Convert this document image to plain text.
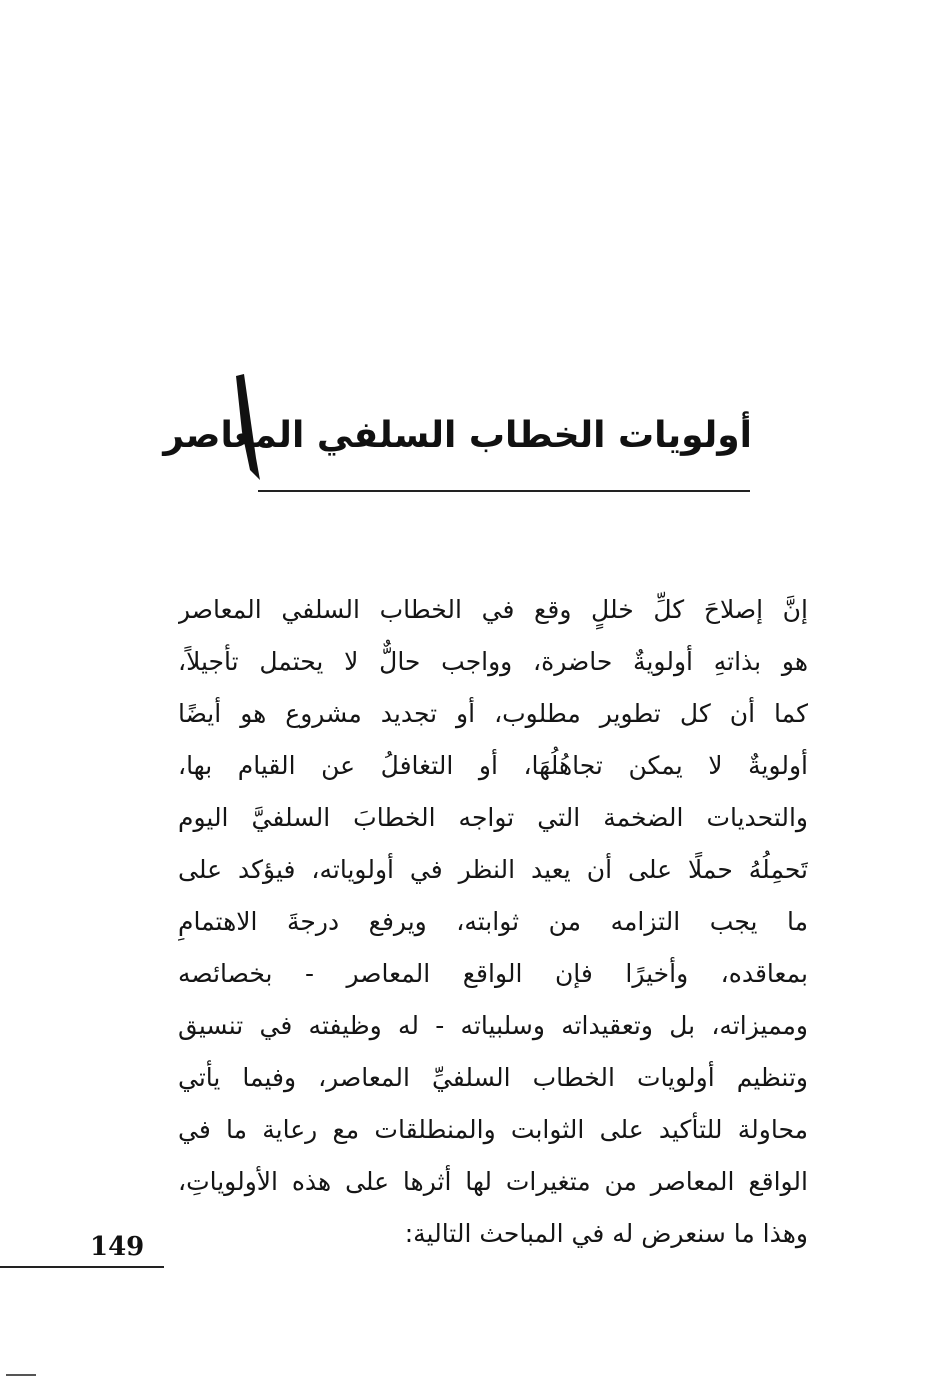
أولويات الخطاب السلفي المعاصر
إنَّ إصلاحَ كلِّ خللٍ وقع في الخطاب السلفي المعاصر
هو بذاتهِ أولويةٌ حاضرة، وواجب حالٌّ لا يحتمل تأجيلاً،
كما أن كل تطوير مطلوب، أو تجديد مشروع هو أيضًا
أولويةٌ لا يمكن تجاهُلُهَا، أو التغافلُ عن القيام بها،
والتحديات الضخمة التي تواجه الخطابَ السلفيَّ اليوم
تَحمِلُهُ حملًا على أن يعيد النظر في أولوياته، فيؤكد على
ما يجب التزامه من ثوابته، ويرفع درجةَ الاهتمامِ
بمعاقده، وأخيرًا فإن الواقع المعاصر - بخصائصه
ومميزاته، بل وتعقيداته وسلبياته - له وظيفته في تنسيق
وتنظيم أولويات الخطاب السلفيِّ المعاصر، وفيما يأتي
محاولة للتأكيد على الثوابت والمنطلقات مع رعاية ما في
الواقع المعاصر من متغيرات لها أثرها على هذه الأولوياتِ،
وهذا ما سنعرض له في المباحث التالية:
149
